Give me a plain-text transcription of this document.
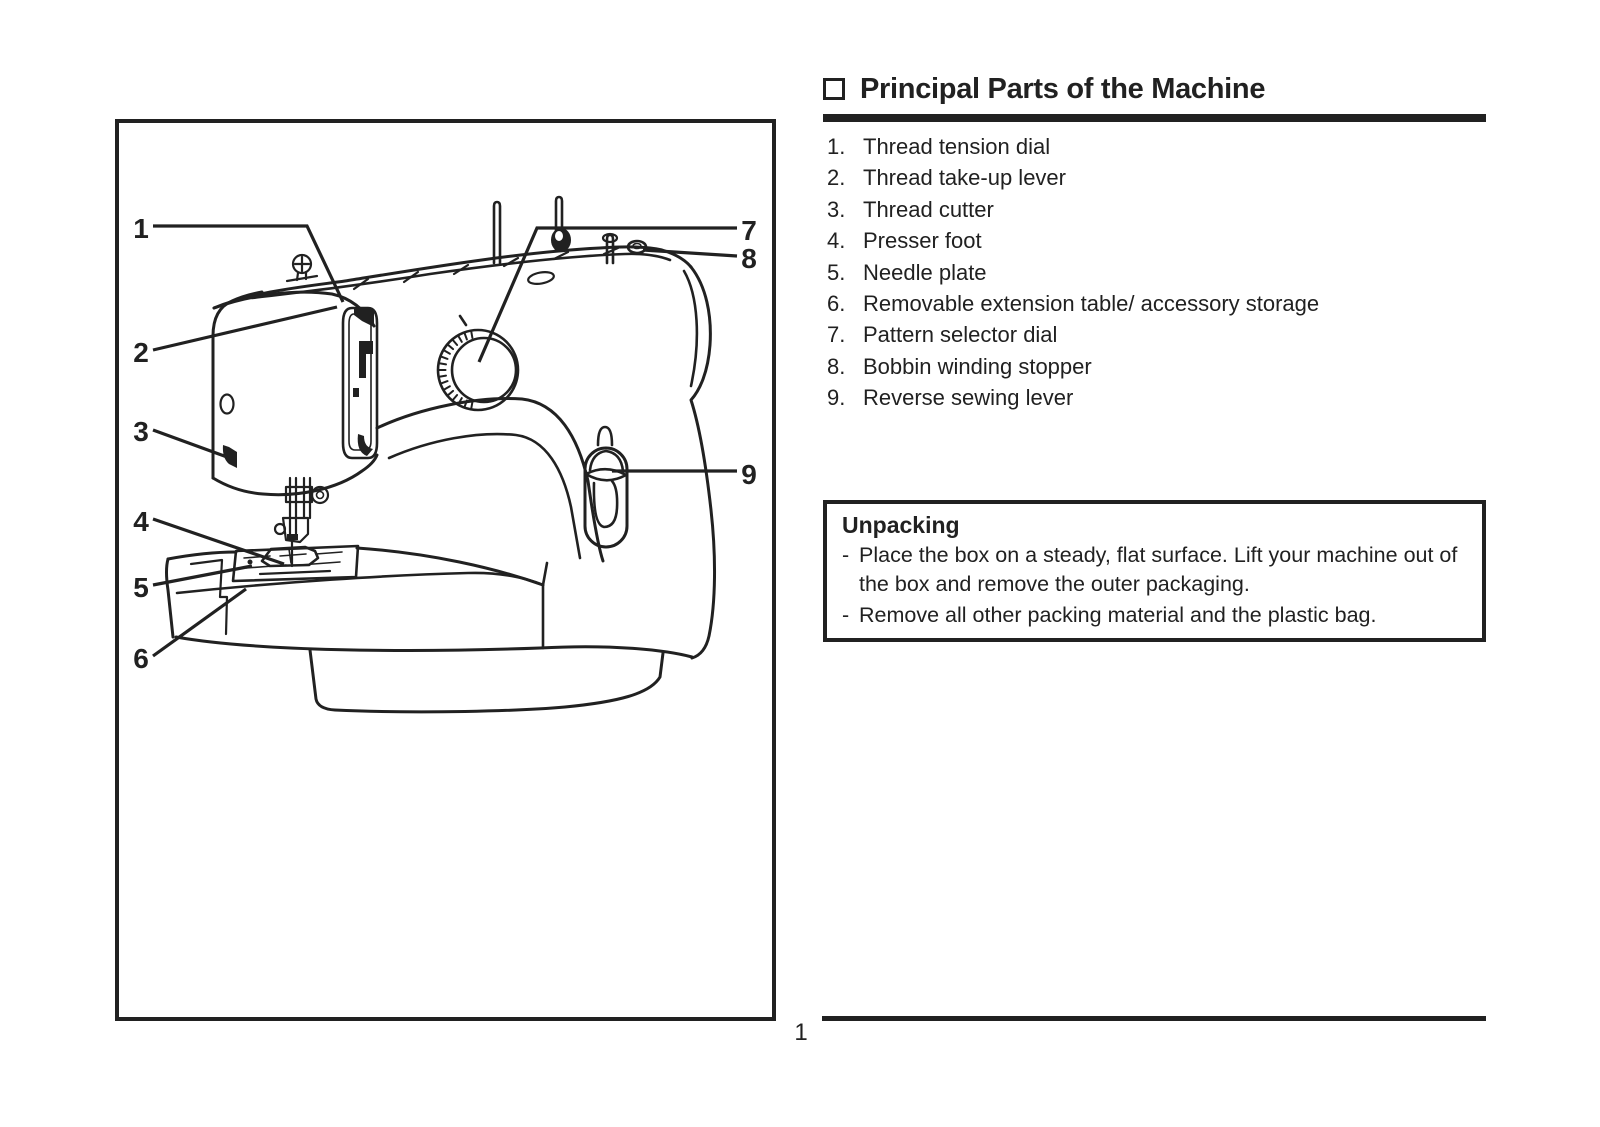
1
2
3
4
5
6
7
8
9
Principal Parts of the Machine
1. Thread tension dial
2. Thread take-up lever
3. Thread cutter
4. Presser foot
5. Needle plate
6. Removable extension table/ accessory storage
7. Pattern selector dial
8. Bobbin winding stopper
9. Reverse sewing lever
Unpacking
- Place the box on a steady, flat surface. Lift your machine out of the box and remove the outer packaging.
- Remove all other packing material and the plastic bag.
1
